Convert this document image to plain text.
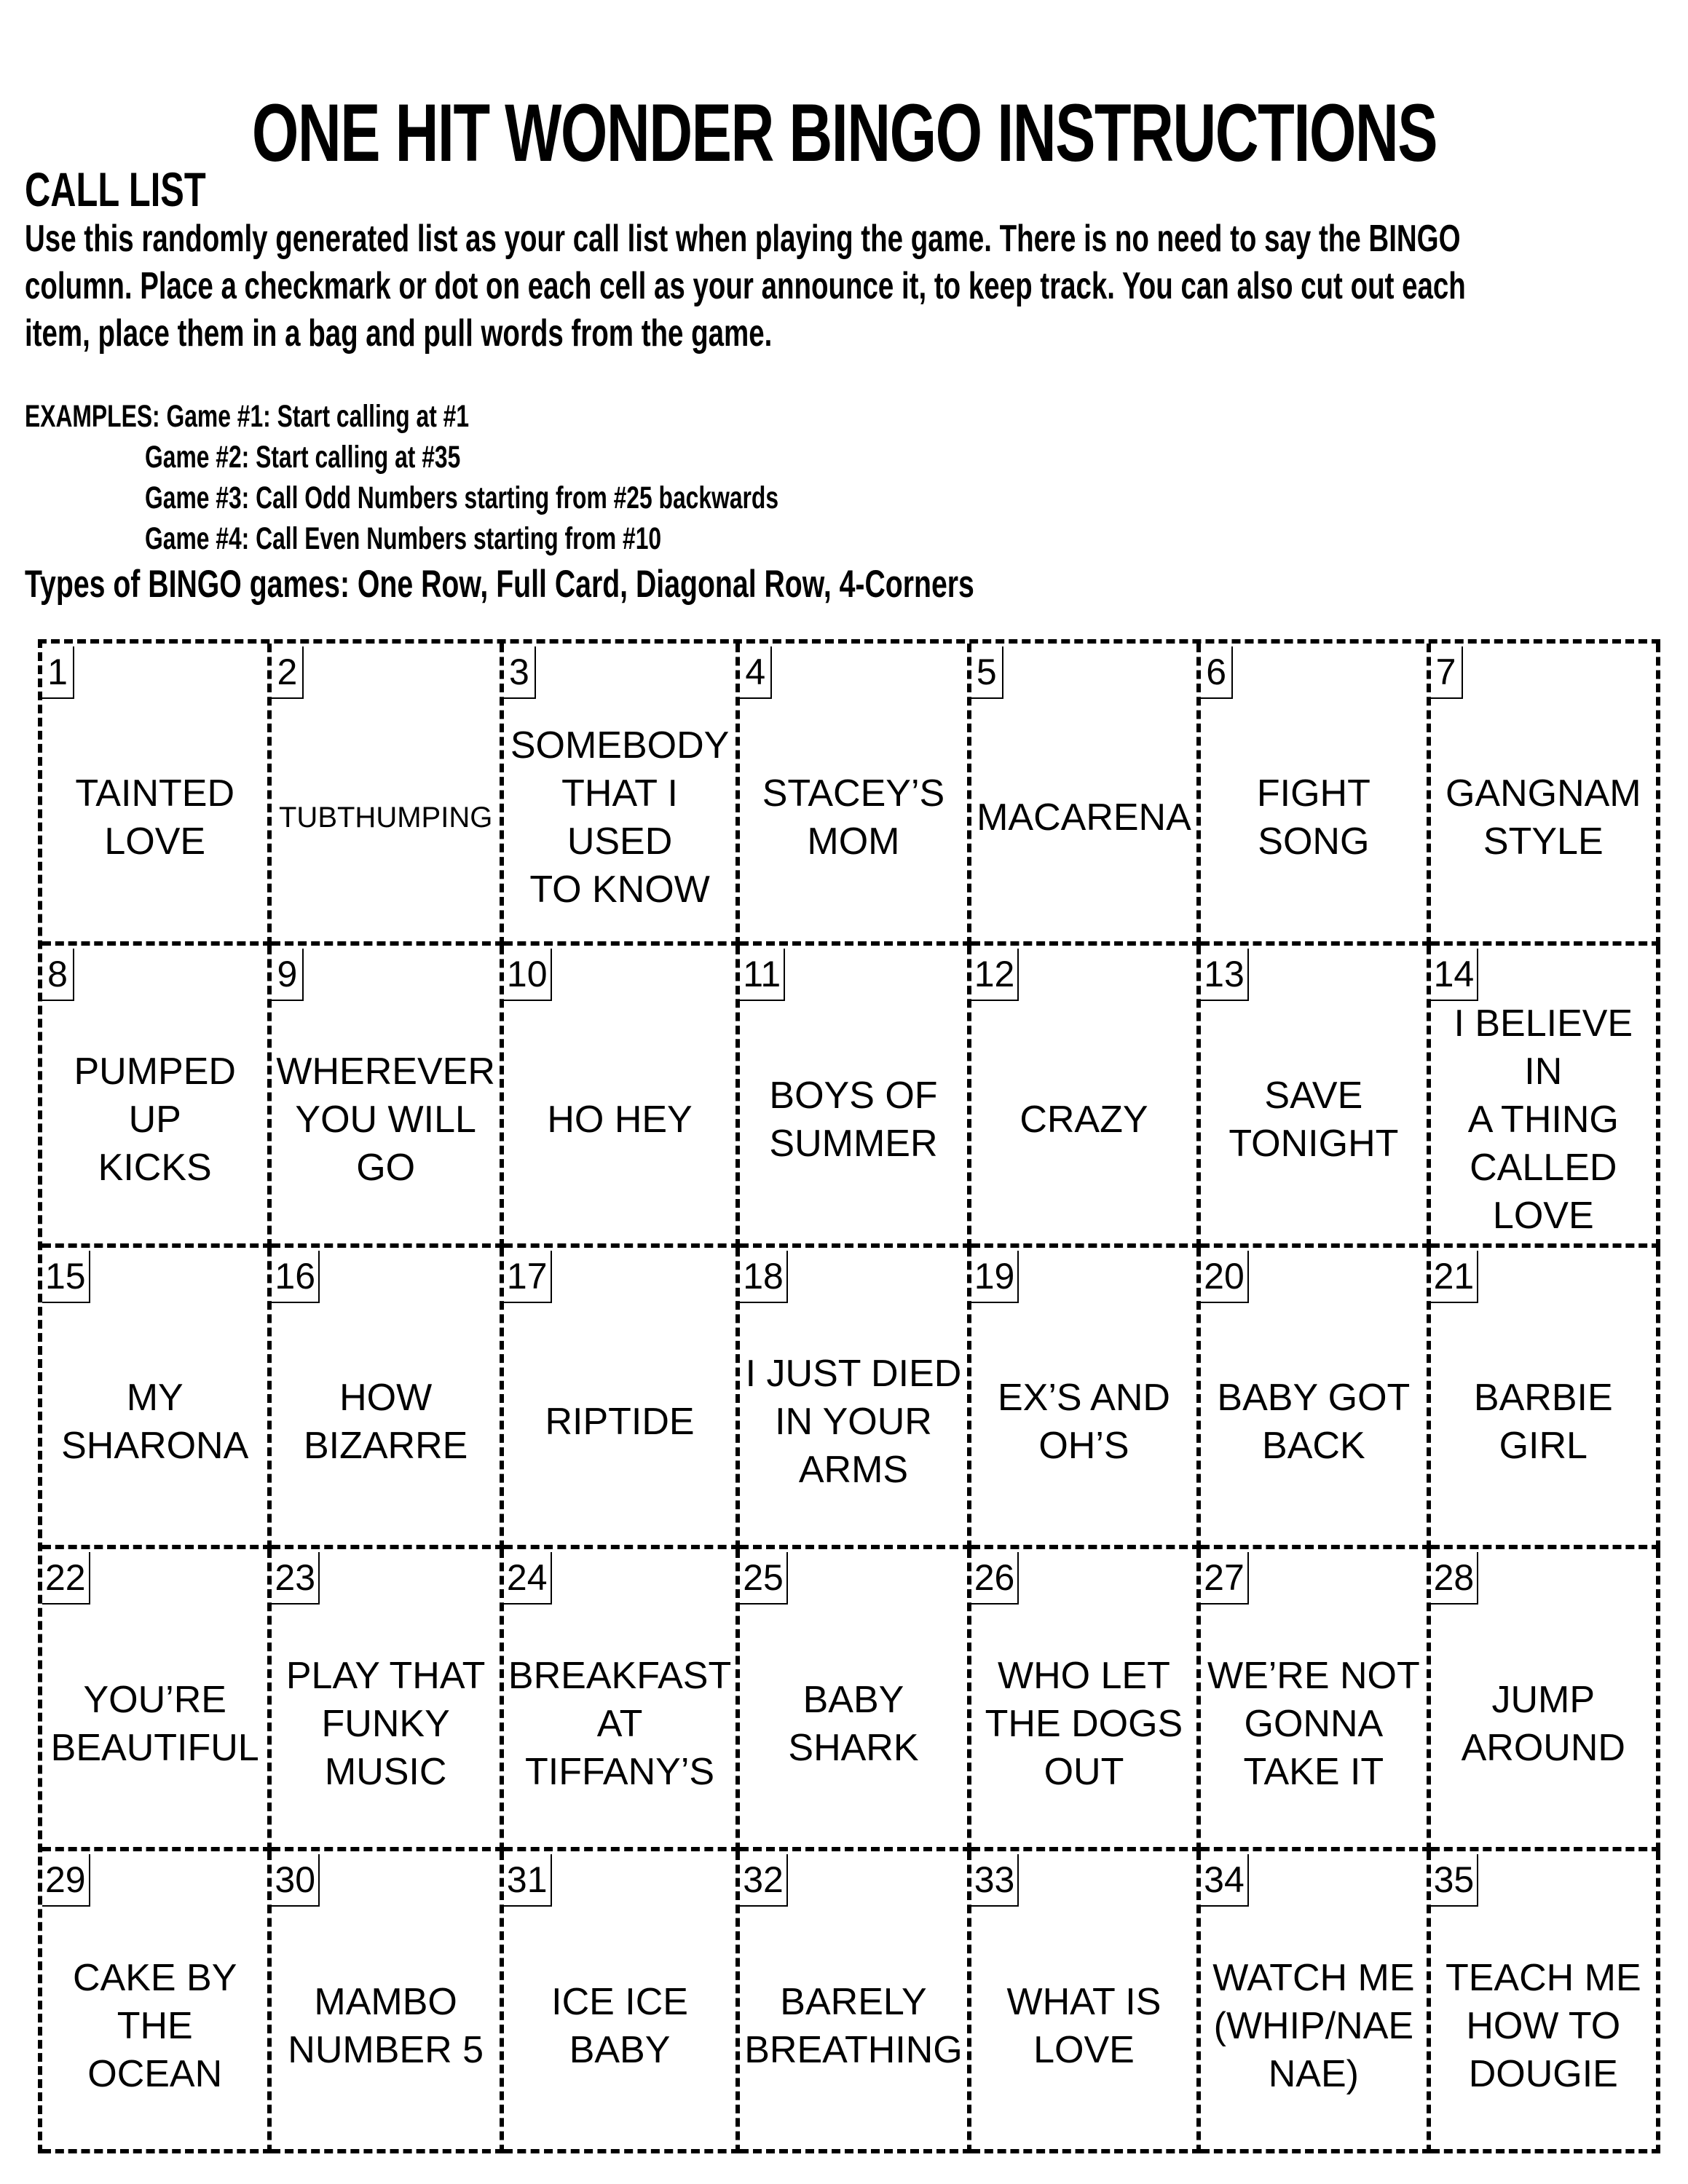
ONE HIT WONDER BINGO INSTRUCTIONS
CALL LIST
Use this randomly generated list as your call list when playing the game. There is no need to say the BINGO
column. Place a checkmark or dot on each cell as your announce it, to keep track. You can also cut out each
item, place them in a bag and pull words from the game.
EXAMPLES: Game #1: Start calling at #1
Game #2: Start calling at #35
Game #3: Call Odd Numbers starting from #25 backwards
Game #4: Call Even Numbers starting from #10
Types of BINGO games: One Row, Full Card, Diagonal Row, 4-Corners
1
TAINTED
LOVE
2
TUBTHUMPING
3
SOMEBODY
THAT I USED
TO KNOW
4
STACEY’S
MOM
5
MACARENA
6
FIGHT
SONG
7
GANGNAM
STYLE
8
PUMPED UP
KICKS
9
WHEREVER
YOU WILL
GO
10
HO HEY
11
BOYS OF
SUMMER
12
CRAZY
13
SAVE
TONIGHT
14
I BELIEVE IN
A THING
CALLED
LOVE
15
MY
SHARONA
16
HOW
BIZARRE
17
RIPTIDE
18
I JUST DIED
IN YOUR
ARMS
19
EX’S AND
OH’S
20
BABY GOT
BACK
21
BARBIE
GIRL
22
YOU’RE
BEAUTIFUL
23
PLAY THAT
FUNKY
MUSIC
24
BREAKFAST
AT
TIFFANY’S
25
BABY
SHARK
26
WHO LET
THE DOGS
OUT
27
WE’RE NOT
GONNA
TAKE IT
28
JUMP
AROUND
29
CAKE BY
THE OCEAN
30
MAMBO
NUMBER 5
31
ICE ICE
BABY
32
BARELY
BREATHING
33
WHAT IS
LOVE
34
WATCH ME
(WHIP/NAE
NAE)
35
TEACH ME
HOW TO
DOUGIE
